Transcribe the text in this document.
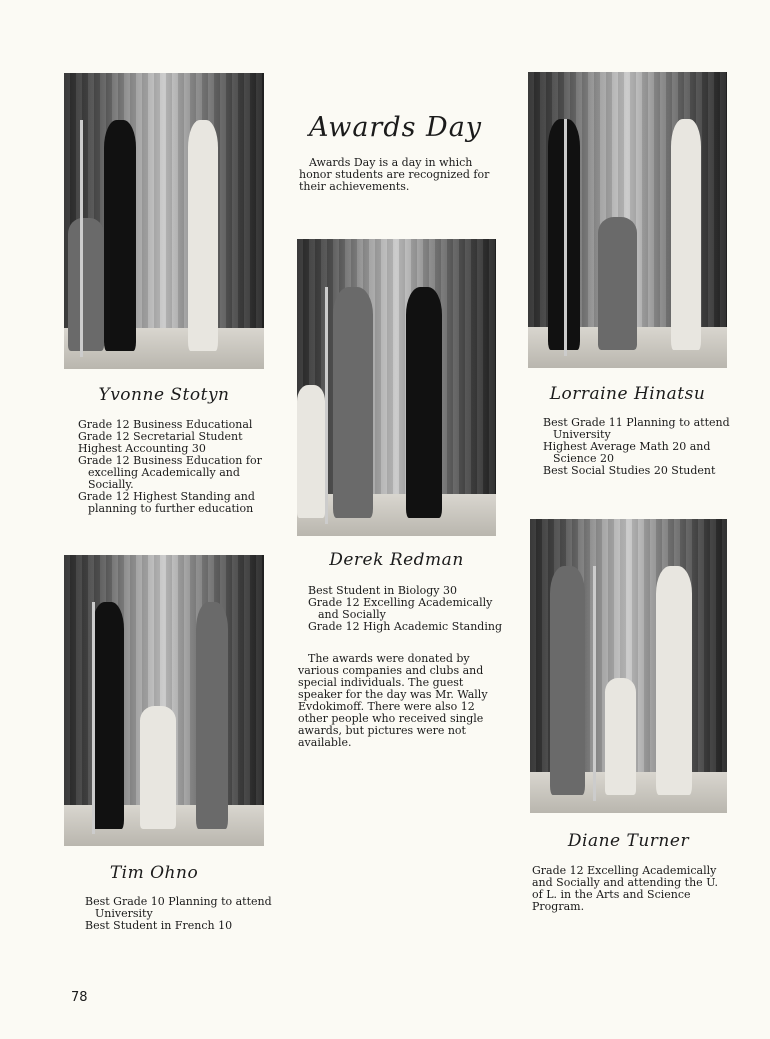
Awards Day

Awards Day is a day in which honor students are recognized for their achievements.

Yvonne Stotyn
Grade 12 Business Educational
Grade 12 Secretarial Student
Highest Accounting 30
Grade 12 Business Education for excelling Academically and Socially.
Grade 12 Highest Standing and planning to further education
Derek Redman
Best Student in Biology 30
Grade 12 Excelling Academically and Socially
Grade 12 High Academic Standing

The awards were donated by various companies and clubs and special individuals. The guest speaker for the day was Mr. Wally Evdokimoff. There were also 12 other people who received single awards, but pictures were not available.

Lorraine Hinatsu
Best Grade 11 Planning to attend University
Highest Average Math 20 and Science 20
Best Social Studies 20 Student
Tim Ohno
Best Grade 10 Planning to attend University
Best Student in French 10
Diane Turner
Grade 12 Excelling Academically and Socially and attending the U. of L. in the Arts and Science Program.
78
